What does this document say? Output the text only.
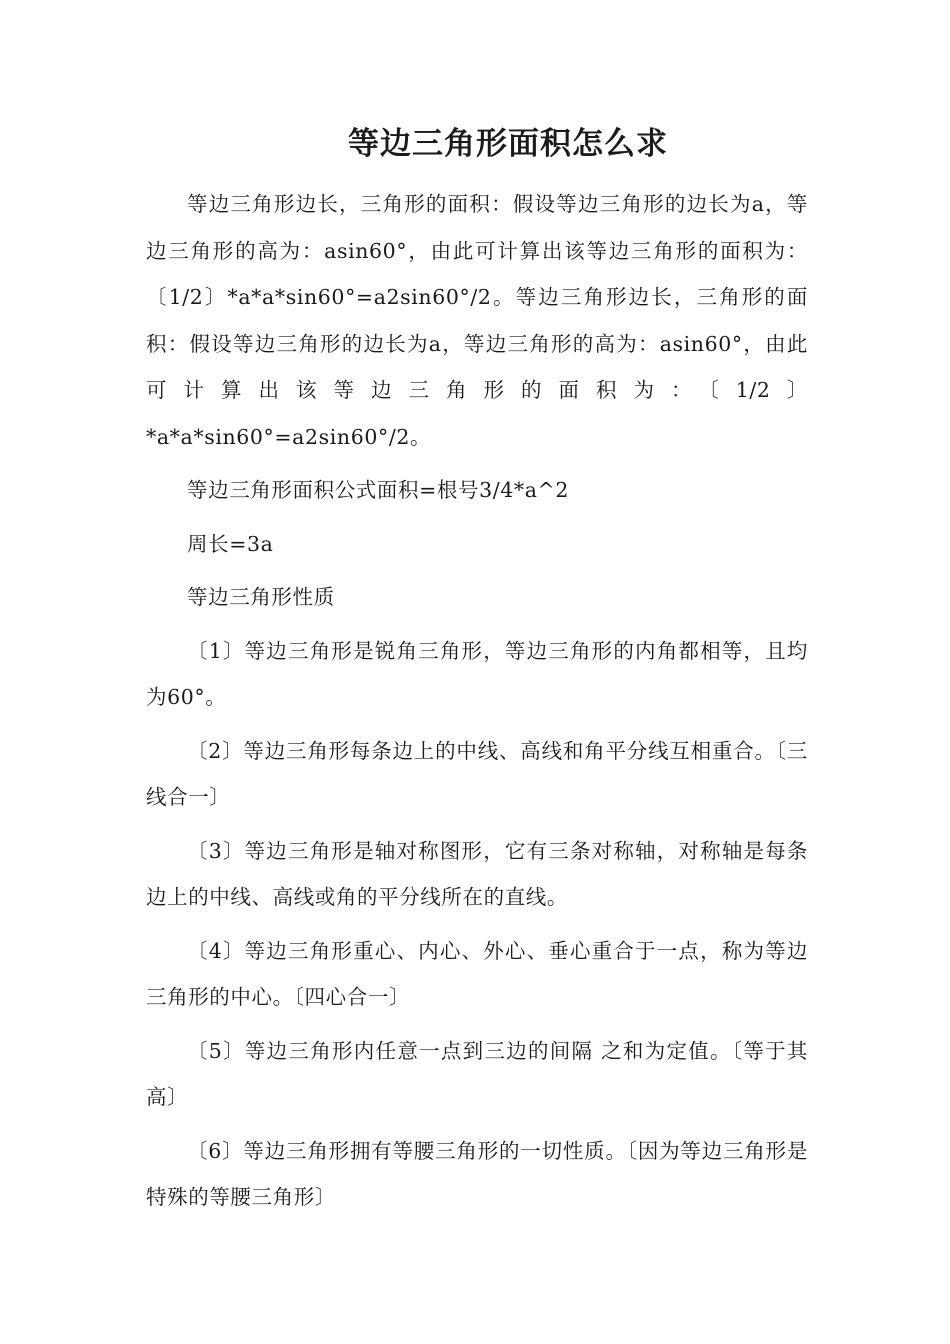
等边三角形面积怎么求

等边三角形边长，三角形的面积：假设等边三角形的边长为a，等边三角形的高为：asin60°，由此可计算出该等边三角形的面积为：〔1/2〕*a*a*sin60°=a2sin60°/2。等边三角形边长，三角形的面积：假设等边三角形的边长为a，等边三角形的高为：asin60°，由此可计算出该等边三角形的面积为：〔1/2〕*a*a*sin60°=a2sin60°/2。

等边三角形面积公式面积=根号3/4*a^2

周长=3a

等边三角形性质

〔1〕等边三角形是锐角三角形，等边三角形的内角都相等，且均为60°。

〔2〕等边三角形每条边上的中线、高线和角平分线互相重合。〔三线合一〕

〔3〕等边三角形是轴对称图形，它有三条对称轴，对称轴是每条边上的中线、高线或角的平分线所在的直线。

〔4〕等边三角形重心、内心、外心、垂心重合于一点，称为等边三角形的中心。〔四心合一〕

〔5〕等边三角形内任意一点到三边的间隔 之和为定值。〔等于其高〕

〔6〕等边三角形拥有等腰三角形的一切性质。〔因为等边三角形是特殊的等腰三角形〕
